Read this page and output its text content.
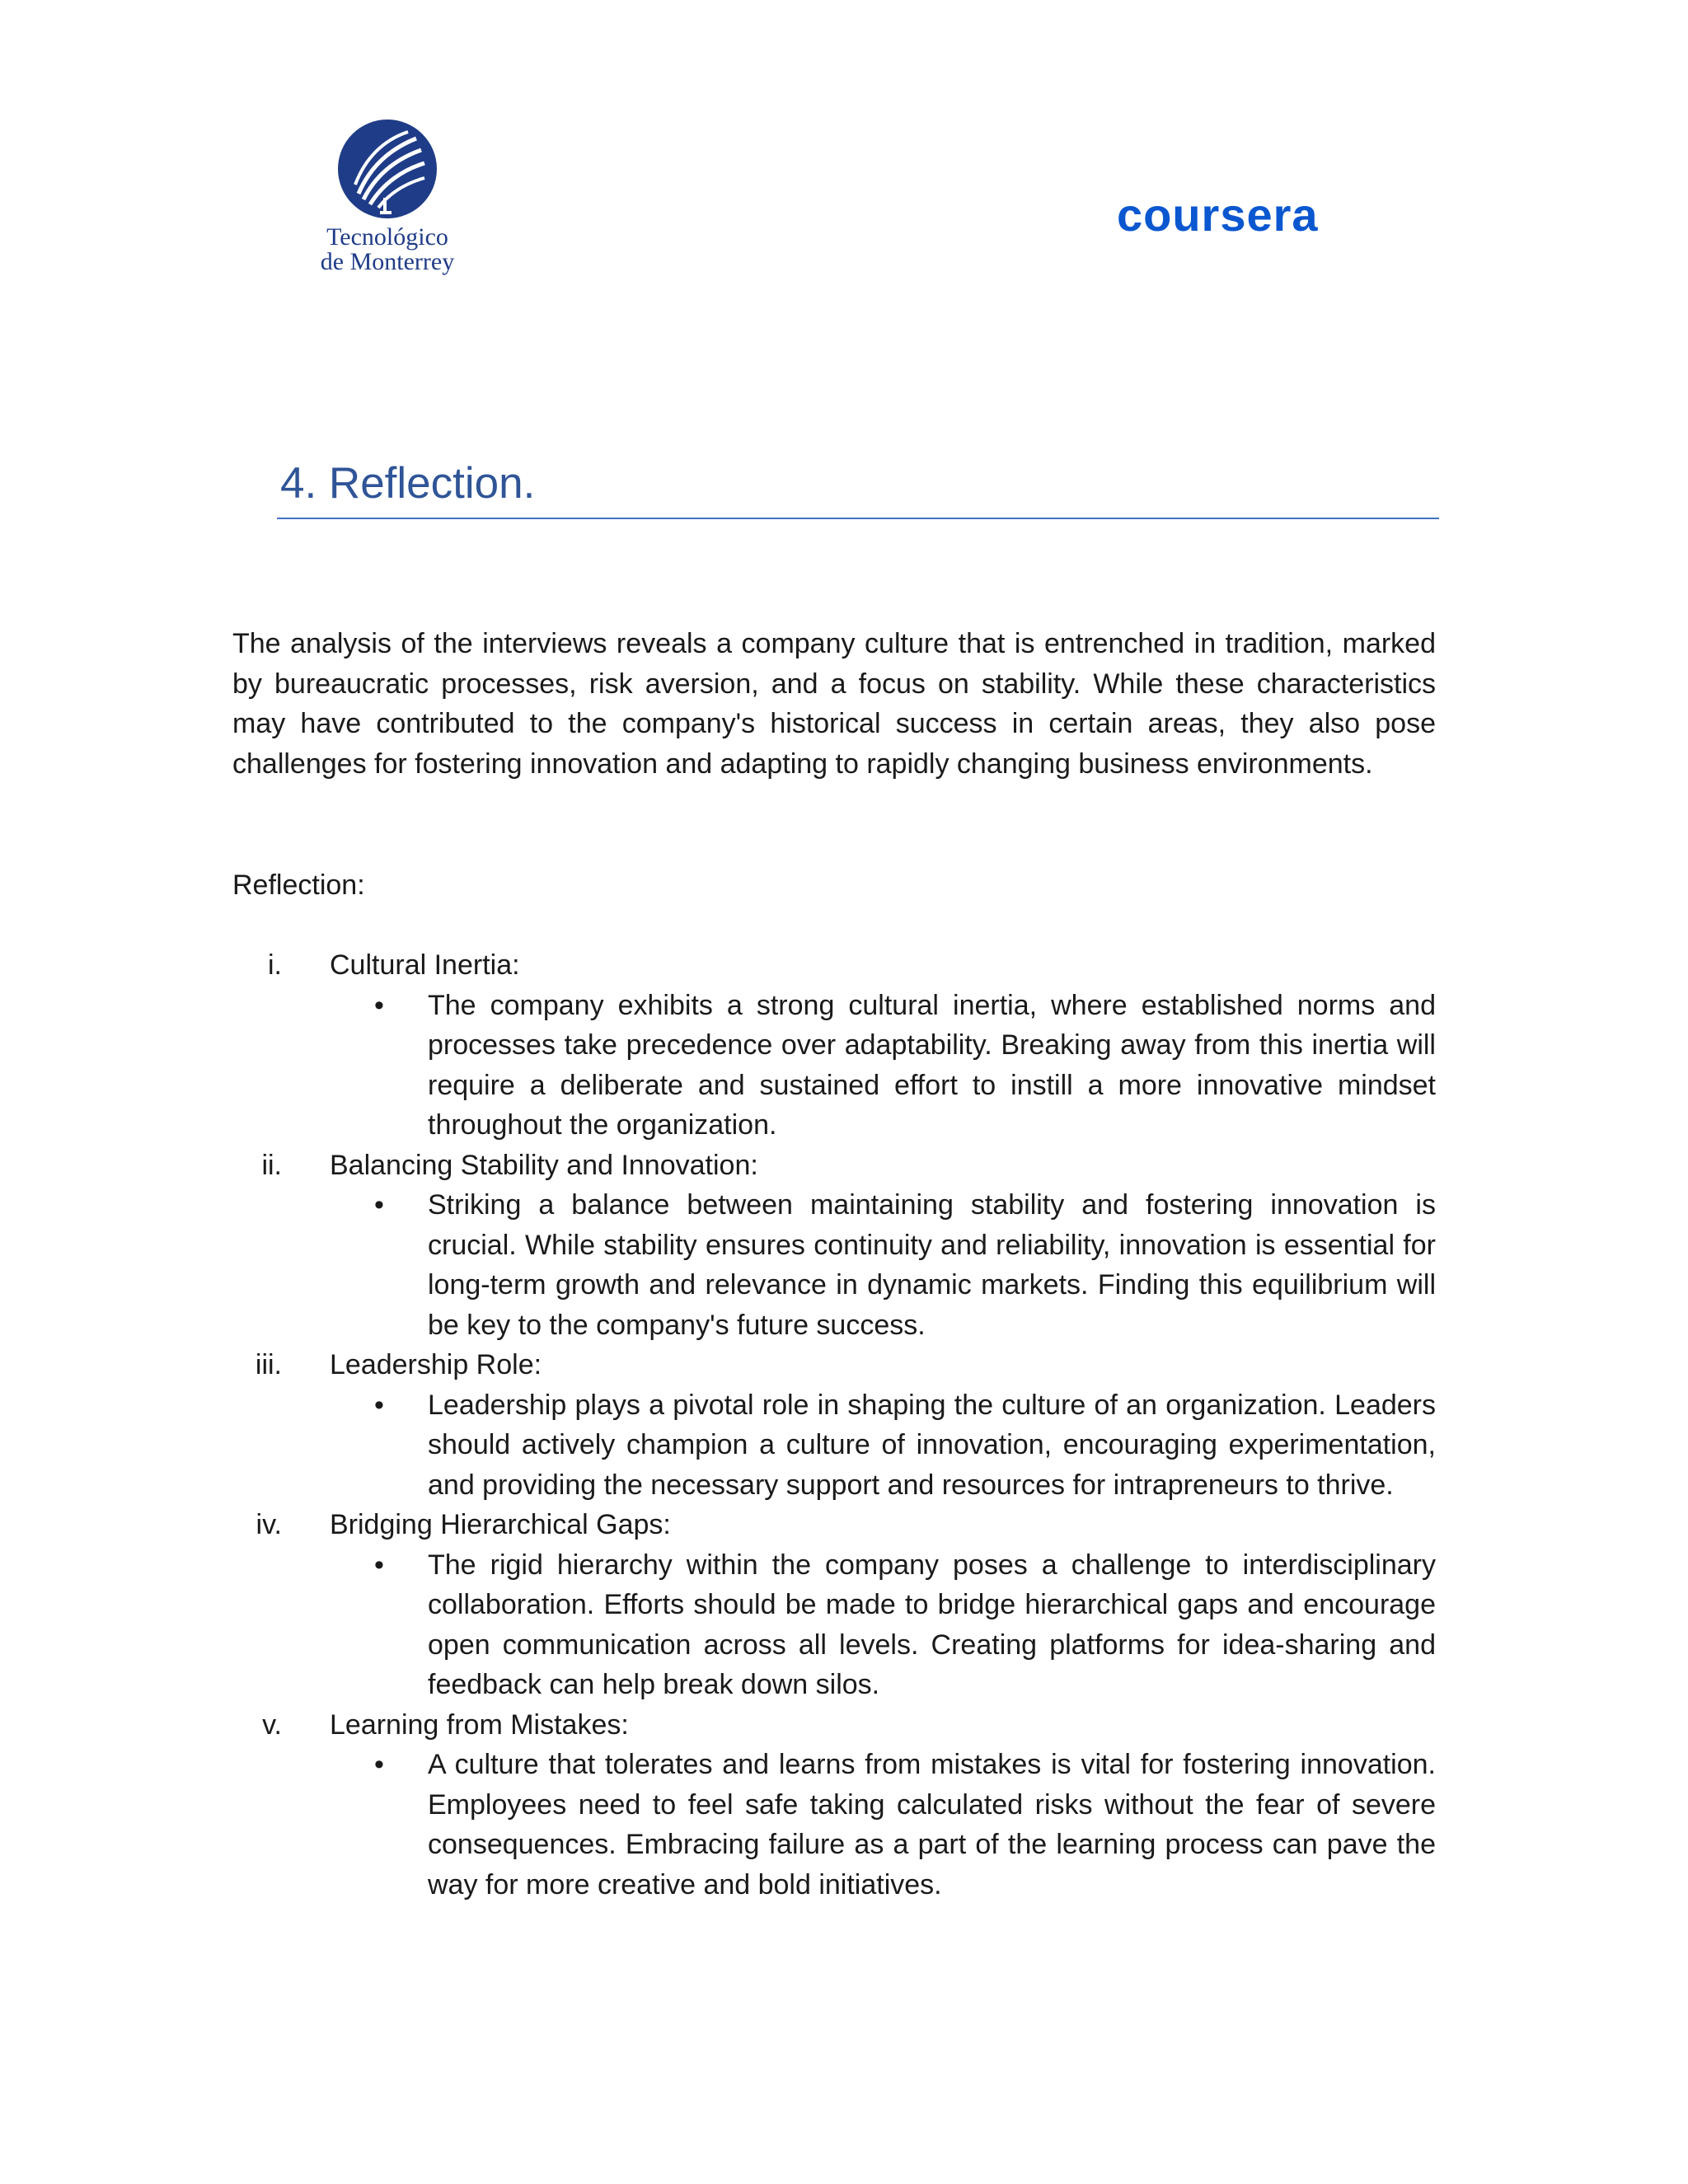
Tecnológico
de Monterrey
coursera
4. Reflection.
The analysis of the interviews reveals a company culture that is entrenched in tradition, marked by bureaucratic processes, risk aversion, and a focus on stability. While these characteristics may have contributed to the company's historical success in certain areas, they also pose challenges for fostering innovation and adapting to rapidly changing business environments.
Reflection:
i. Cultural Inertia:
• The company exhibits a strong cultural inertia, where established norms and processes take precedence over adaptability. Breaking away from this inertia will require a deliberate and sustained effort to instill a more innovative mindset throughout the organization.
ii. Balancing Stability and Innovation:
• Striking a balance between maintaining stability and fostering innovation is crucial. While stability ensures continuity and reliability, innovation is essential for long-term growth and relevance in dynamic markets. Finding this equilibrium will be key to the company's future success.
iii. Leadership Role:
• Leadership plays a pivotal role in shaping the culture of an organization. Leaders should actively champion a culture of innovation, encouraging experimentation, and providing the necessary support and resources for intrapreneurs to thrive.
iv. Bridging Hierarchical Gaps:
• The rigid hierarchy within the company poses a challenge to interdisciplinary collaboration. Efforts should be made to bridge hierarchical gaps and encourage open communication across all levels. Creating platforms for idea-sharing and feedback can help break down silos.
v. Learning from Mistakes:
• A culture that tolerates and learns from mistakes is vital for fostering innovation. Employees need to feel safe taking calculated risks without the fear of severe consequences. Embracing failure as a part of the learning process can pave the way for more creative and bold initiatives.
